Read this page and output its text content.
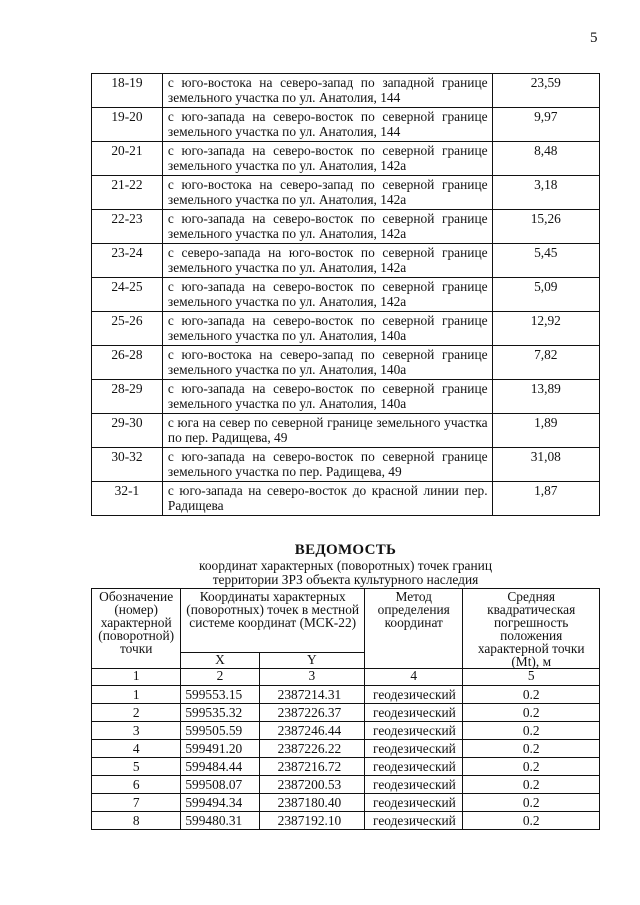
5
18-19	с юго-востока на северо-запад по западной границе земельного участка по ул. Анатолия, 144	23,59
19-20	с юго-запада на северо-восток по северной границе земельного участка по ул. Анатолия, 144	9,97
20-21	с юго-запада на северо-восток по северной границе земельного участка по ул. Анатолия, 142а	8,48
21-22	с юго-востока на северо-запад по северной границе земельного участка по ул. Анатолия, 142а	3,18
22-23	с юго-запада на северо-восток по северной границе земельного участка по ул. Анатолия, 142а	15,26
23-24	с северо-запада на юго-восток по северной границе земельного участка по ул. Анатолия, 142а	5,45
24-25	с юго-запада на северо-восток по северной границе земельного участка по ул. Анатолия, 142а	5,09
25-26	с юго-запада на северо-восток по северной границе земельного участка по ул. Анатолия, 140а	12,92
26-28	с юго-востока на северо-запад по северной границе земельного участка по ул. Анатолия, 140а	7,82
28-29	с юго-запада на северо-восток по северной границе земельного участка по ул. Анатолия, 140а	13,89
29-30	с юга на север по северной границе земельного участка по пер. Радищева, 49	1,89
30-32	с юго-запада на северо-восток по северной границе земельного участка по пер. Радищева, 49	31,08
32-1	с юго-запада на северо-восток до красной линии пер. Радищева	1,87
ВЕДОМОСТЬ
координат характерных (поворотных) точек границ
территории ЗРЗ объекта культурного наследия
Обозначение (номер) характерной (поворотной) точки	Координаты характерных (поворотных) точек в местной системе координат (МСК-22)		Метод определения координат	Средняя квадратическая погрешность положения характерной точки (Mt), м
	X	Y		
1	2	3	4	5
1	599553.15	2387214.31	геодезический	0.2
2	599535.32	2387226.37	геодезический	0.2
3	599505.59	2387246.44	геодезический	0.2
4	599491.20	2387226.22	геодезический	0.2
5	599484.44	2387216.72	геодезический	0.2
6	599508.07	2387200.53	геодезический	0.2
7	599494.34	2387180.40	геодезический	0.2
8	599480.31	2387192.10	геодезический	0.2
